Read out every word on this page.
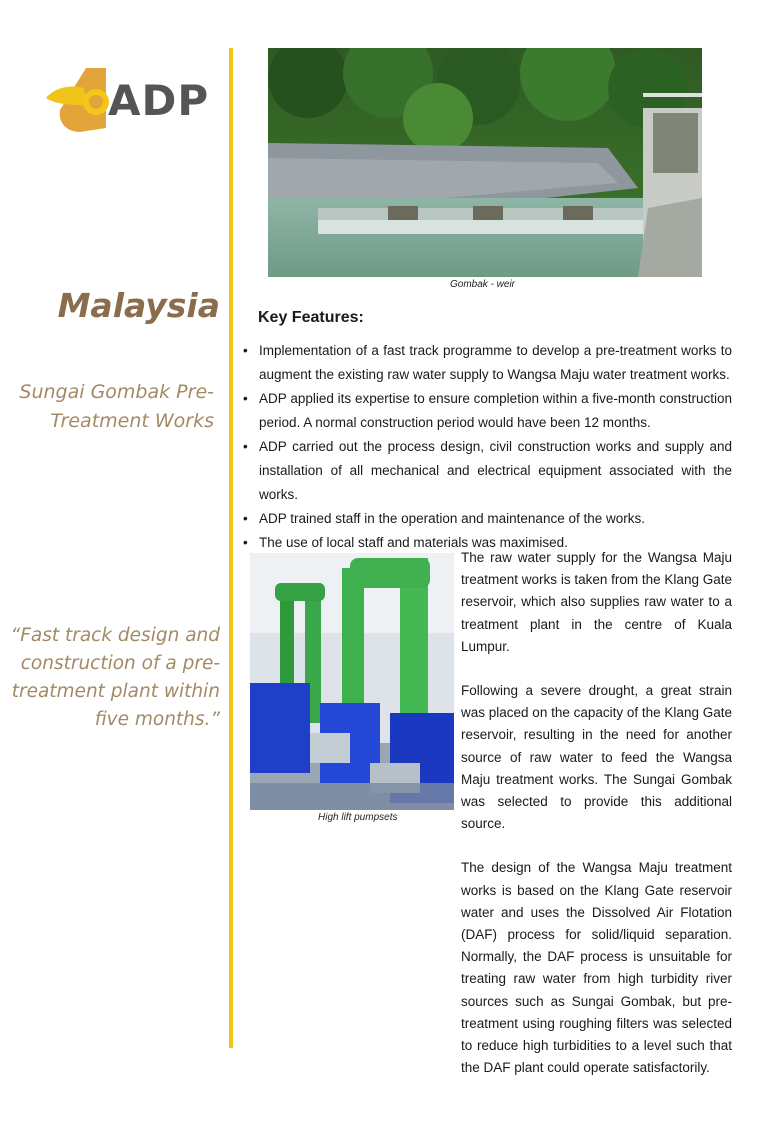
ADP
Malaysia
Sungai Gombak Pre-Treatment Works
“Fast track design and construction of a pre-treatment plant within five months.”
Gombak - weir
Key Features:
• Implementation of a fast track programme to develop a pre-treatment works to augment the existing raw water supply to Wangsa Maju water treatment works.
• ADP applied its expertise to ensure completion within a five-month construction period. A normal construction period would have been 12 months.
• ADP carried out the process design, civil construction works and supply and installation of all mechanical and electrical equipment associated with the works.
• ADP trained staff in the operation and maintenance of the works.
• The use of local staff and materials was maximised.
High lift pumpsets

The raw water supply for the Wangsa Maju treatment works is taken from the Klang Gate reservoir, which also supplies raw water to a treatment plant in the centre of Kuala Lumpur.

Following a severe drought, a great strain was placed on the capacity of the Klang Gate reservoir, resulting in the need for another source of raw water to feed the Wangsa Maju treatment works. The Sungai Gombak was selected to provide this additional source.

The design of the Wangsa Maju treatment works is based on the Klang Gate reservoir water and uses the Dissolved Air Flotation (DAF) process for solid/liquid separation. Normally, the DAF process is unsuitable for treating raw water from high turbidity river sources such as Sungai Gombak, but pre-treatment using roughing filters was selected to reduce high turbidities to a level such that the DAF plant could operate satisfactorily.
